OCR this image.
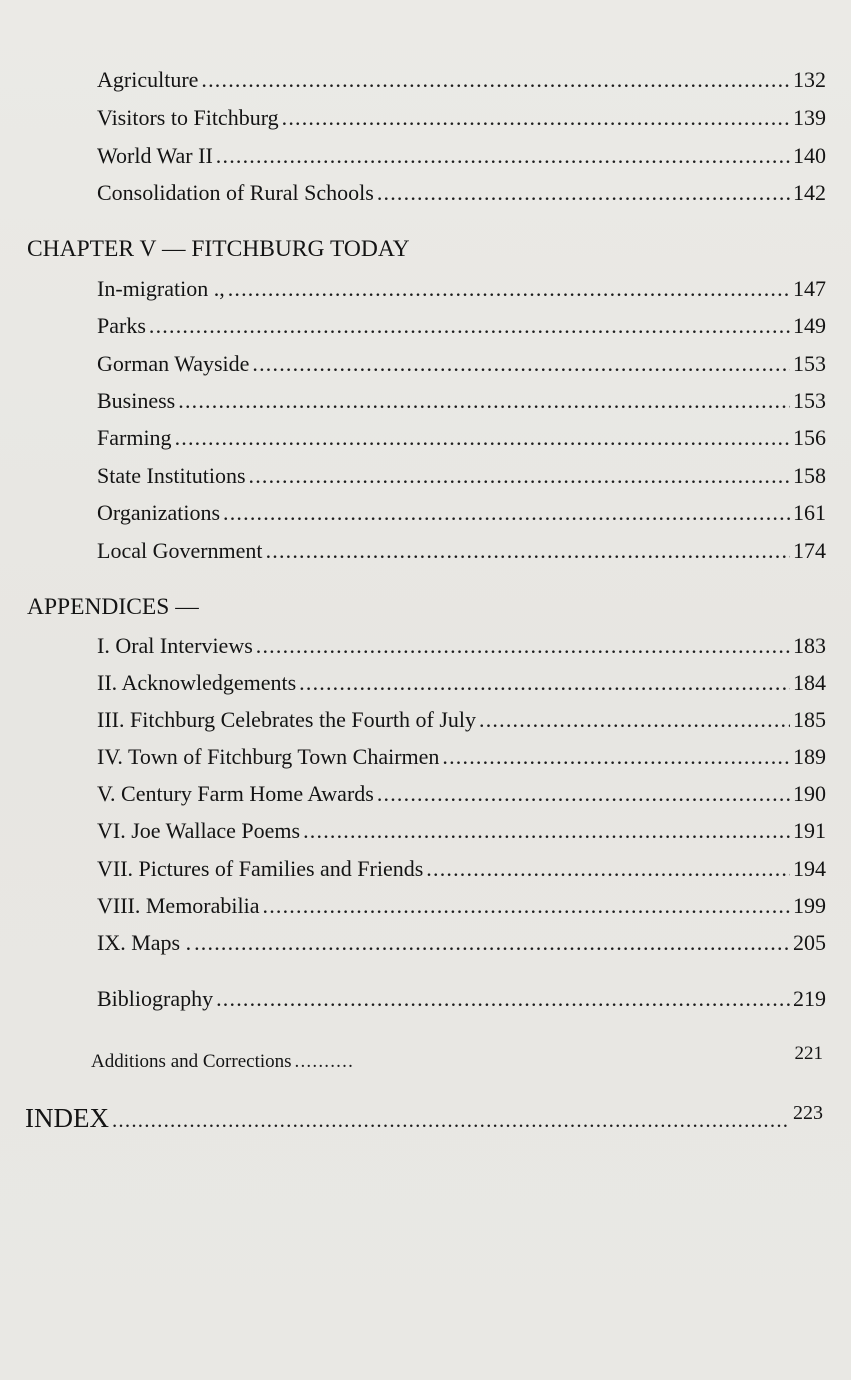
Agriculture .....	132
Visitors to Fitchburg .....	139
World War II .....	140
Consolidation of Rural Schools .....	142
CHAPTER V — FITCHBURG TODAY
In-migration ., .....	147
Parks .....	149
Gorman Wayside .....	153
Business .....	153
Farming .....	156
State Institutions .....	158
Organizations .....	161
Local Government .....	174
APPENDICES —
I. Oral Interviews .....	183
II. Acknowledgements .....	184
III. Fitchburg Celebrates the Fourth of July .....	185
IV. Town of Fitchburg Town Chairmen .....	189
V. Century Farm Home Awards .....	190
VI. Joe Wallace Poems .....	191
VII. Pictures of Families and Friends .....	194
VIII. Memorabilia .....	199
IX. Maps . .....	205
Bibliography .....	219
Additions and Corrections .....	221
INDEX .....	223
